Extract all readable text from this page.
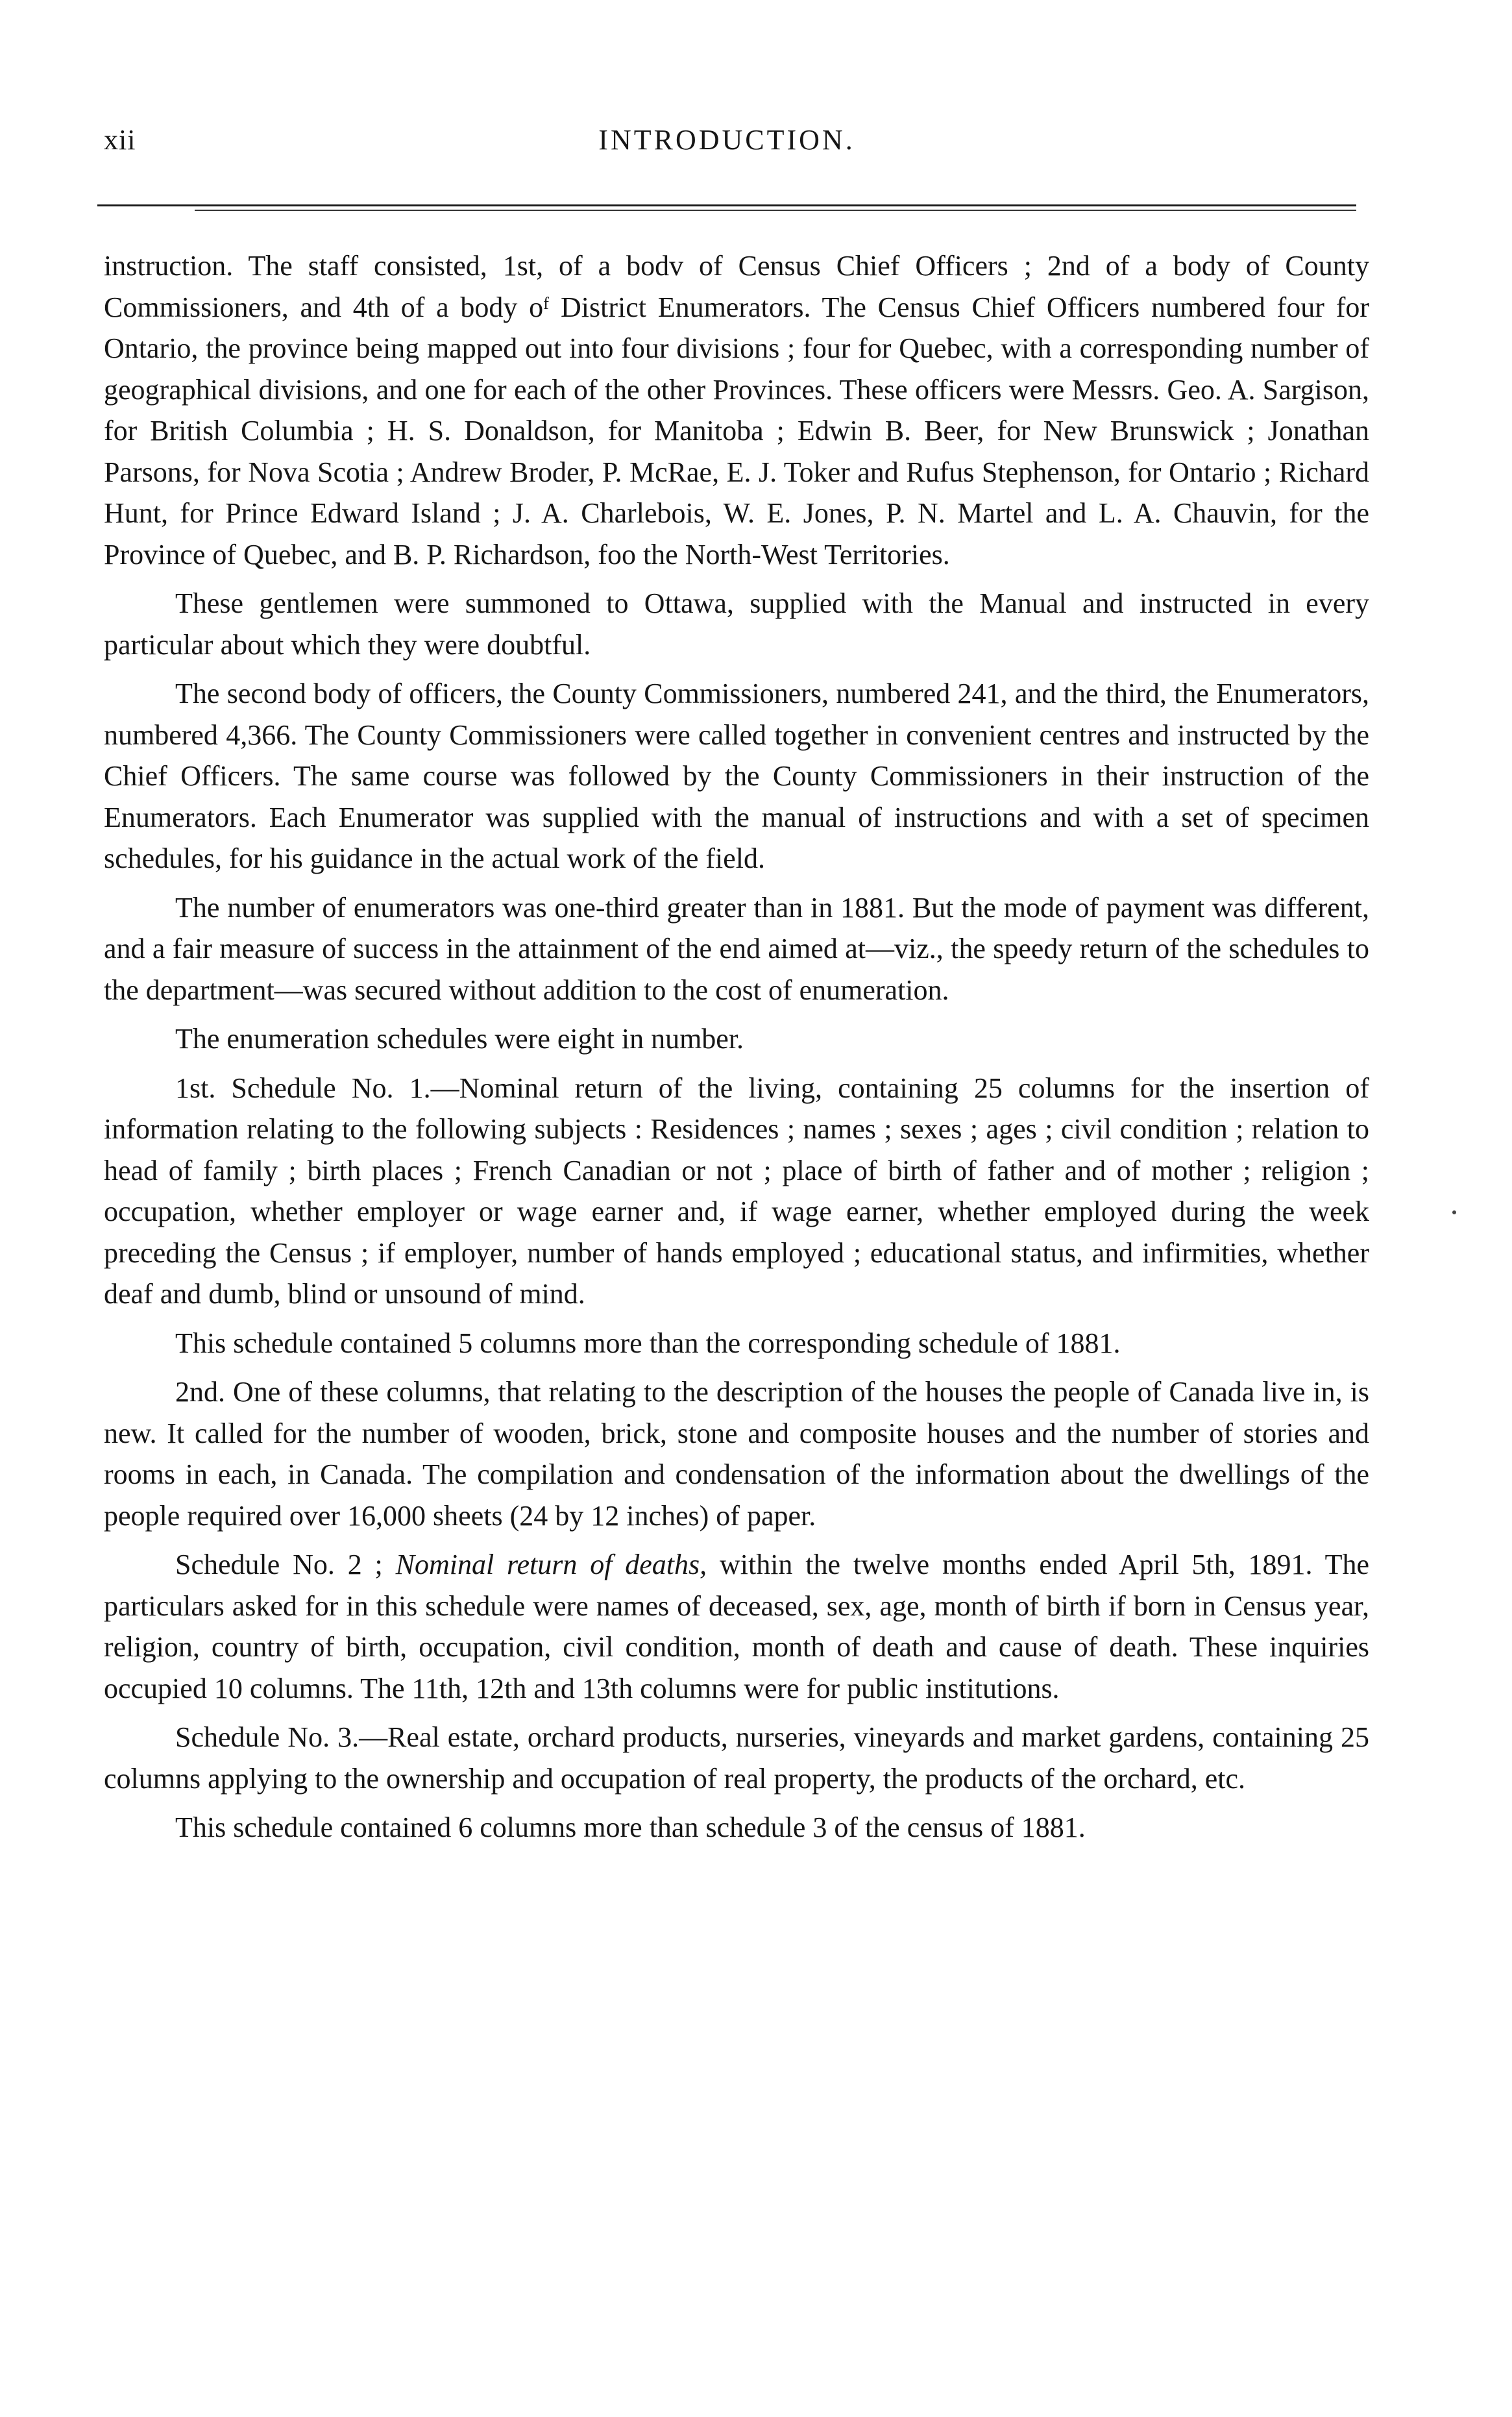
xii	INTRODUCTION.

instruction. The staff consisted, 1st, of a bodv of Census Chief Officers ; 2nd of a body of County Commissioners, and 4th of a body oᶠ District Enumerators. The Census Chief Officers numbered four for Ontario, the province being mapped out into four divisions ; four for Quebec, with a corresponding number of geographical divisions, and one for each of the other Provinces. These officers were Messrs. Geo. A. Sargison, for British Columbia ; H. S. Donaldson, for Manitoba ; Edwin B. Beer, for New Brunswick ; Jonathan Parsons, for Nova Scotia ; Andrew Broder, P. McRae, E. J. Toker and Rufus Stephenson, for Ontario ; Richard Hunt, for Prince Edward Island ; J. A. Charlebois, W. E. Jones, P. N. Martel and L. A. Chauvin, for the Province of Quebec, and B. P. Richardson, foo the North-West Territories.

These gentlemen were summoned to Ottawa, supplied with the Manual and instructed in every particular about which they were doubtful.

The second body of officers, the County Commissioners, numbered 241, and the third, the Enumerators, numbered 4,366. The County Commissioners were called together in convenient centres and instructed by the Chief Officers. The same course was followed by the County Commissioners in their instruction of the Enumerators. Each Enumerator was supplied with the manual of instructions and with a set of specimen schedules, for his guidance in the actual work of the field.

The number of enumerators was one-third greater than in 1881. But the mode of payment was different, and a fair measure of success in the attainment of the end aimed at—viz., the speedy return of the schedules to the department—was secured without addition to the cost of enumeration.

The enumeration schedules were eight in number.

1st. Schedule No. 1.—Nominal return of the living, containing 25 columns for the insertion of information relating to the following subjects : Residences ; names ; sexes ; ages ; civil condition ; relation to head of family ; birth places ; French Canadian or not ; place of birth of father and of mother ; religion ; occupation, whether employer or wage earner and, if wage earner, whether employed during the week preceding the Census ; if employer, number of hands employed ; educational status, and infirmities, whether deaf and dumb, blind or unsound of mind.

This schedule contained 5 columns more than the corresponding schedule of 1881.

2nd. One of these columns, that relating to the description of the houses the people of Canada live in, is new. It called for the number of wooden, brick, stone and composite houses and the number of stories and rooms in each, in Canada. The compilation and condensation of the information about the dwellings of the people required over 16,000 sheets (24 by 12 inches) of paper.

Schedule No. 2 ; Nominal return of deaths, within the twelve months ended April 5th, 1891. The particulars asked for in this schedule were names of deceased, sex, age, month of birth if born in Census year, religion, country of birth, occupation, civil condition, month of death and cause of death. These inquiries occupied 10 columns. The 11th, 12th and 13th columns were for public institutions.

Schedule No. 3.—Real estate, orchard products, nurseries, vineyards and market gardens, containing 25 columns applying to the ownership and occupation of real property, the products of the orchard, etc.

This schedule contained 6 columns more than schedule 3 of the census of 1881.
